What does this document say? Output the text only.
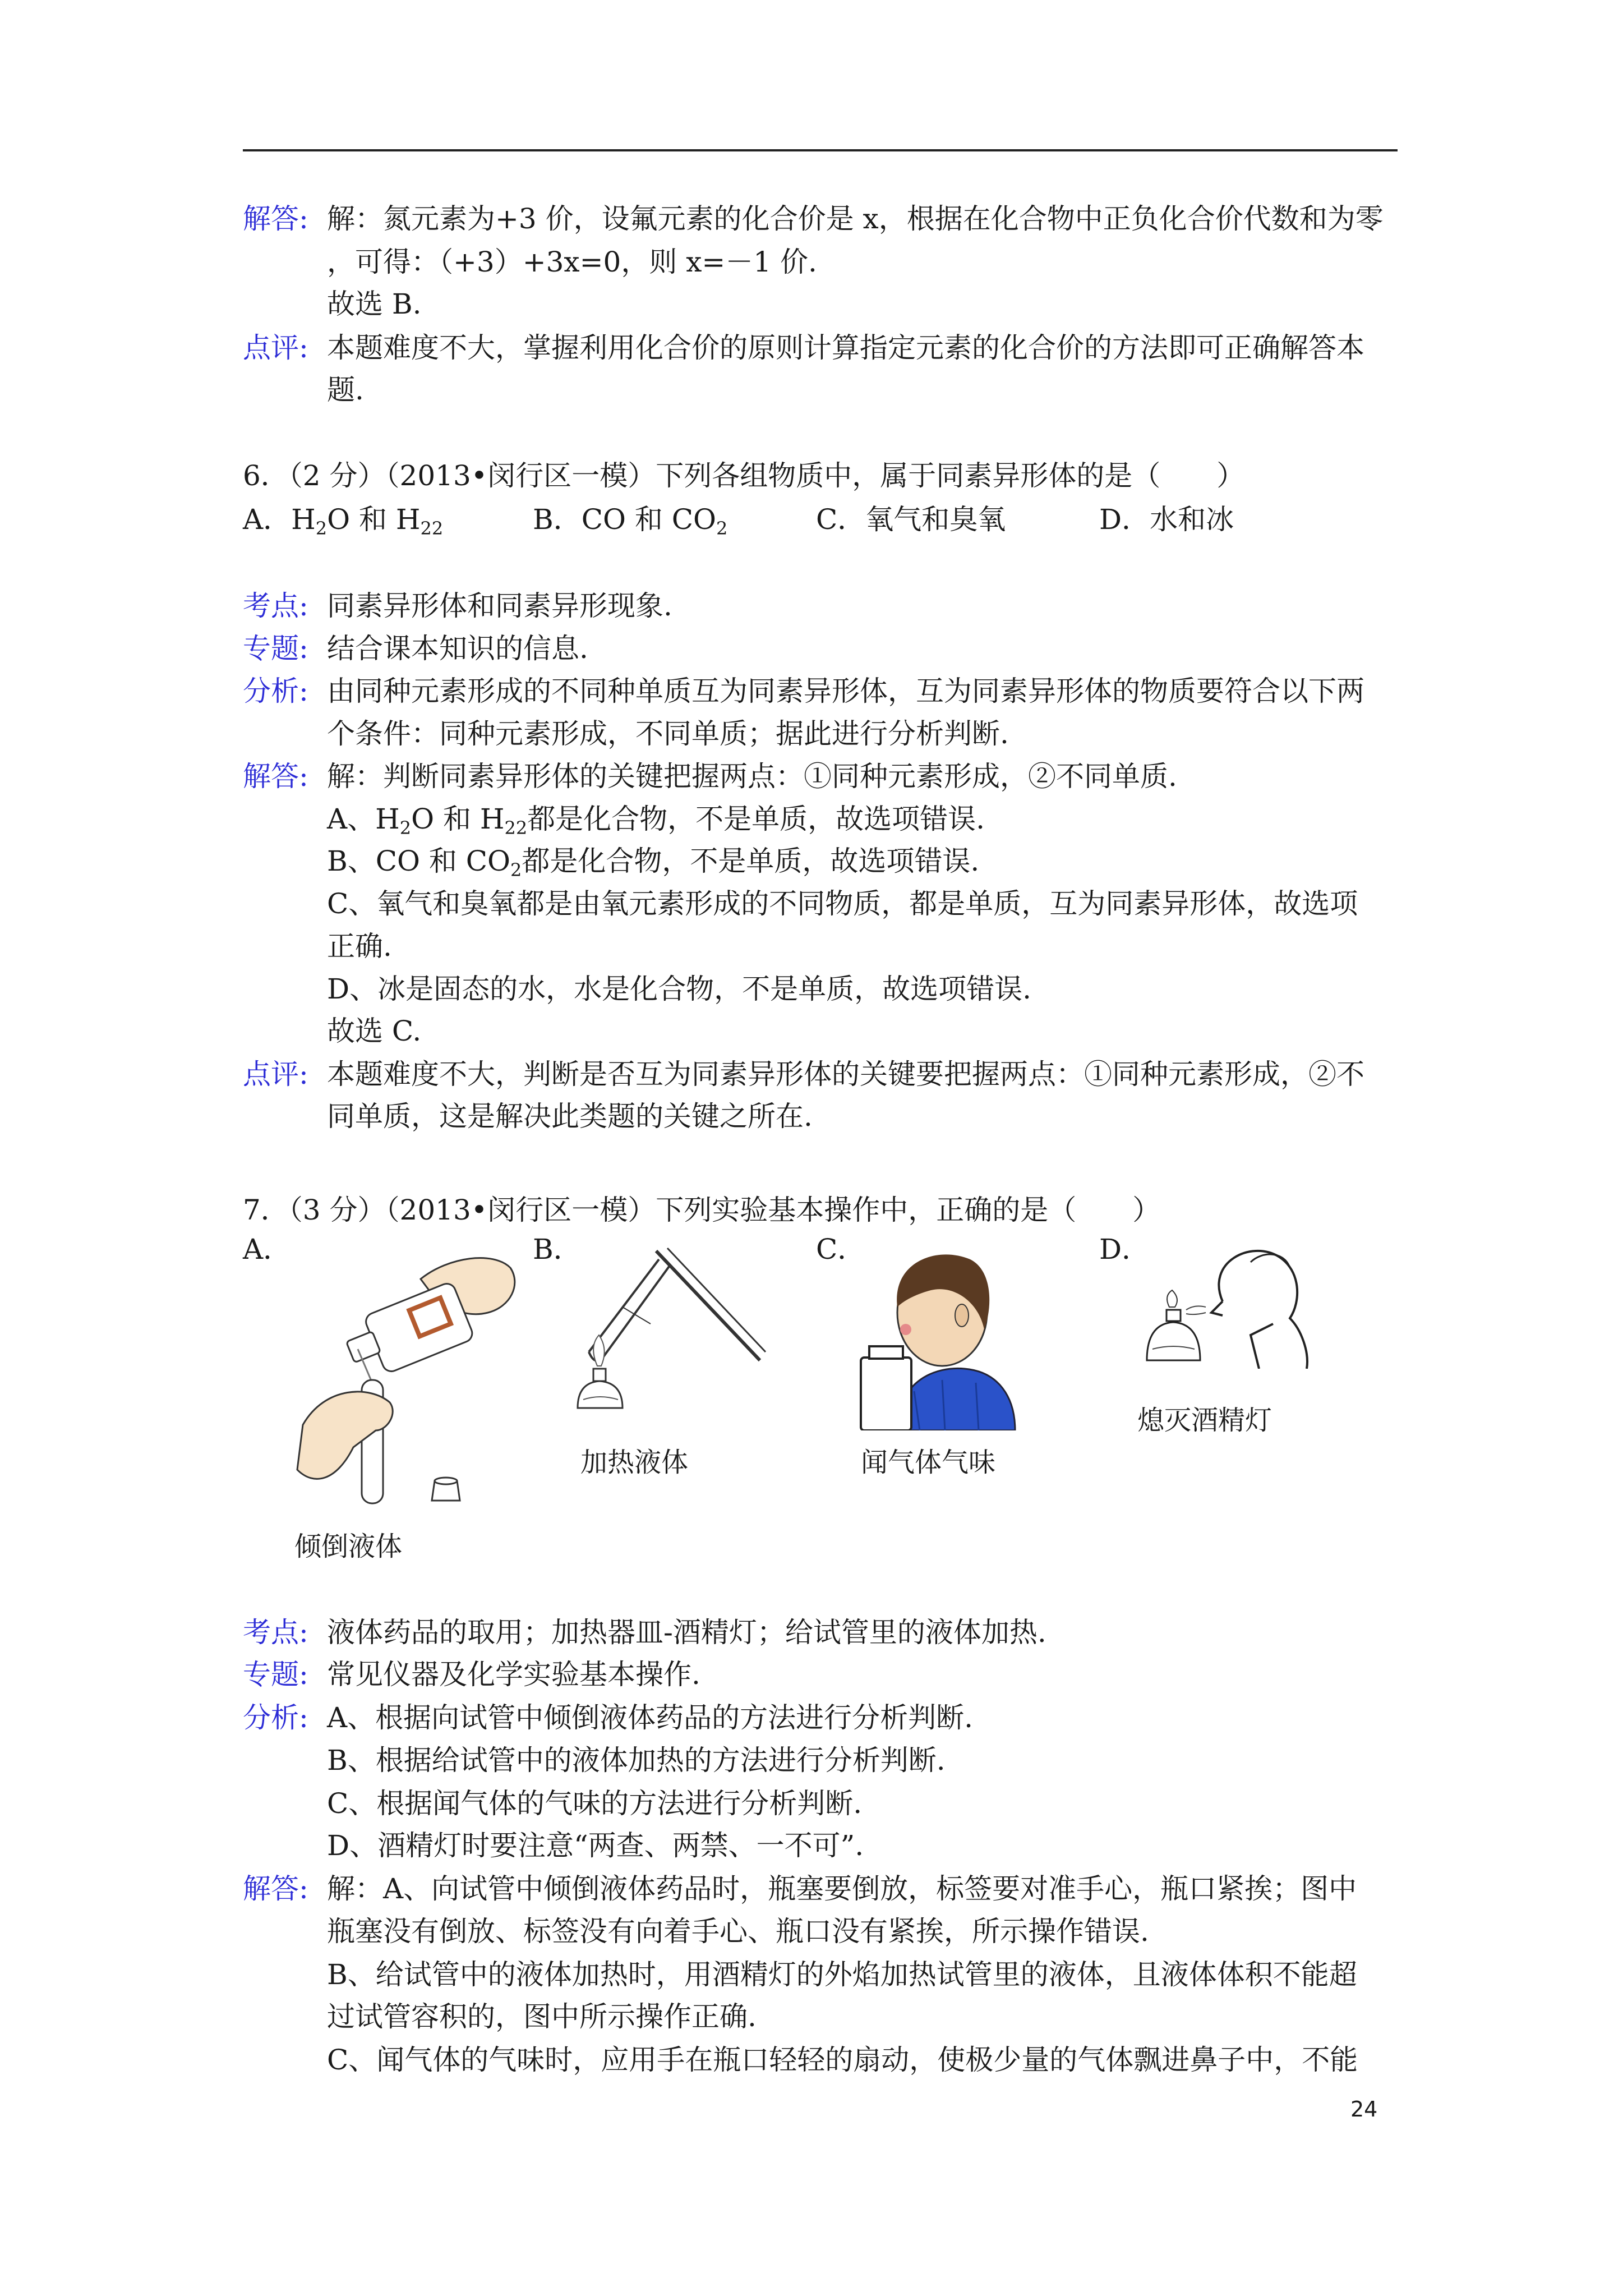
解答: 解：氮元素为+3 价，设氟元素的化合价是 x，根据在化合物中正负化合价代数和为零
，可得：（+3）+3x=0，则 x=－1 价.
故选 B.
点评: 本题难度不大，掌握利用化合价的原则计算指定元素的化合价的方法即可正确解答本
题.
6．（2 分）（2013•闵行区一模）下列各组物质中，属于同素异形体的是（　　）
A．$H_2O$ 和 $H_{22}$	B．CO 和 $CO_2$	C．氧气和臭氧	D．水和冰
考点: 同素异形体和同素异形现象.
专题: 结合课本知识的信息.
分析: 由同种元素形成的不同种单质互为同素异形体，互为同素异形体的物质要符合以下两
个条件：同种元素形成，不同单质；据此进行分析判断.
解答: 解：判断同素异形体的关键把握两点：①同种元素形成，②不同单质.
A、$H_2O$ 和 $H_{22}$都是化合物，不是单质，故选项错误.
B、CO 和 $CO_2$都是化合物，不是单质，故选项错误.
C、氧气和臭氧都是由氧元素形成的不同物质，都是单质，互为同素异形体，故选项
正确.
D、冰是固态的水，水是化合物，不是单质，故选项错误.
故选 C.
点评: 本题难度不大，判断是否互为同素异形体的关键要把握两点：①同种元素形成，②不
同单质，这是解决此类题的关键之所在.
7．（3 分）（2013•闵行区一模）下列实验基本操作中，正确的是（　　）
A．	B．	C．	D．
熄灭酒精灯
加热液体	闻气体气味
倾倒液体
考点: 液体药品的取用；加热器皿-酒精灯；给试管里的液体加热.
专题: 常见仪器及化学实验基本操作.
分析: A、根据向试管中倾倒液体药品的方法进行分析判断.
B、根据给试管中的液体加热的方法进行分析判断.
C、根据闻气体的气味的方法进行分析判断.
D、酒精灯时要注意“两查、两禁、一不可”.
解答: 解：A、向试管中倾倒液体药品时，瓶塞要倒放，标签要对准手心，瓶口紧挨；图中
瓶塞没有倒放、标签没有向着手心、瓶口没有紧挨，所示操作错误.
B、给试管中的液体加热时，用酒精灯的外焰加热试管里的液体，且液体体积不能超
过试管容积的，图中所示操作正确.
C、闻气体的气味时，应用手在瓶口轻轻的扇动，使极少量的气体飘进鼻子中，不能
24
